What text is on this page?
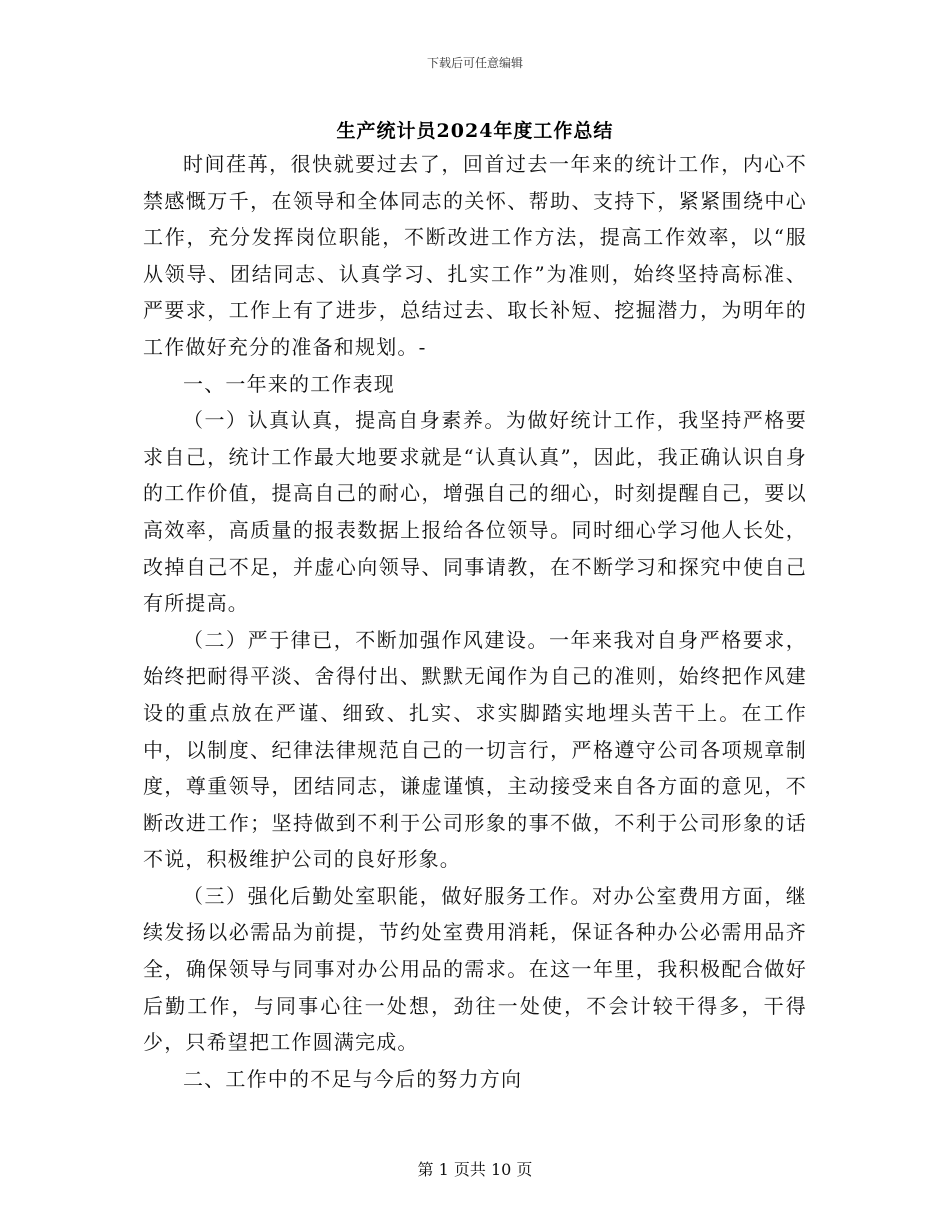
下载后可任意编辑
生产统计员2024年度工作总结

时间荏苒，很快就要过去了，回首过去一年来的统计工作，内心不禁感慨万千，在领导和全体同志的关怀、帮助、支持下，紧紧围绕中心工作，充分发挥岗位职能，不断改进工作方法，提高工作效率，以“服从领导、团结同志、认真学习、扎实工作”为准则，始终坚持高标准、严要求，工作上有了进步，总结过去、取长补短、挖掘潜力，为明年的工作做好充分的准备和规划。-

一、一年来的工作表现

（一）认真认真，提高自身素养。为做好统计工作，我坚持严格要求自己，统计工作最大地要求就是“认真认真”，因此，我正确认识自身的工作价值，提高自己的耐心，增强自己的细心，时刻提醒自己，要以高效率，高质量的报表数据上报给各位领导。同时细心学习他人长处，改掉自己不足，并虚心向领导、同事请教，在不断学习和探究中使自己有所提高。

（二）严于律已，不断加强作风建设。一年来我对自身严格要求，始终把耐得平淡、舍得付出、默默无闻作为自己的准则，始终把作风建设的重点放在严谨、细致、扎实、求实脚踏实地埋头苦干上。在工作中，以制度、纪律法律规范自己的一切言行，严格遵守公司各项规章制度，尊重领导，团结同志，谦虚谨慎，主动接受来自各方面的意见，不断改进工作；坚持做到不利于公司形象的事不做，不利于公司形象的话不说，积极维护公司的良好形象。

（三）强化后勤处室职能，做好服务工作。对办公室费用方面，继续发扬以必需品为前提，节约处室费用消耗，保证各种办公必需用品齐全，确保领导与同事对办公用品的需求。在这一年里，我积极配合做好后勤工作，与同事心往一处想，劲往一处使，不会计较干得多，干得少，只希望把工作圆满完成。

二、工作中的不足与今后的努力方向

第 1 页共 10 页
